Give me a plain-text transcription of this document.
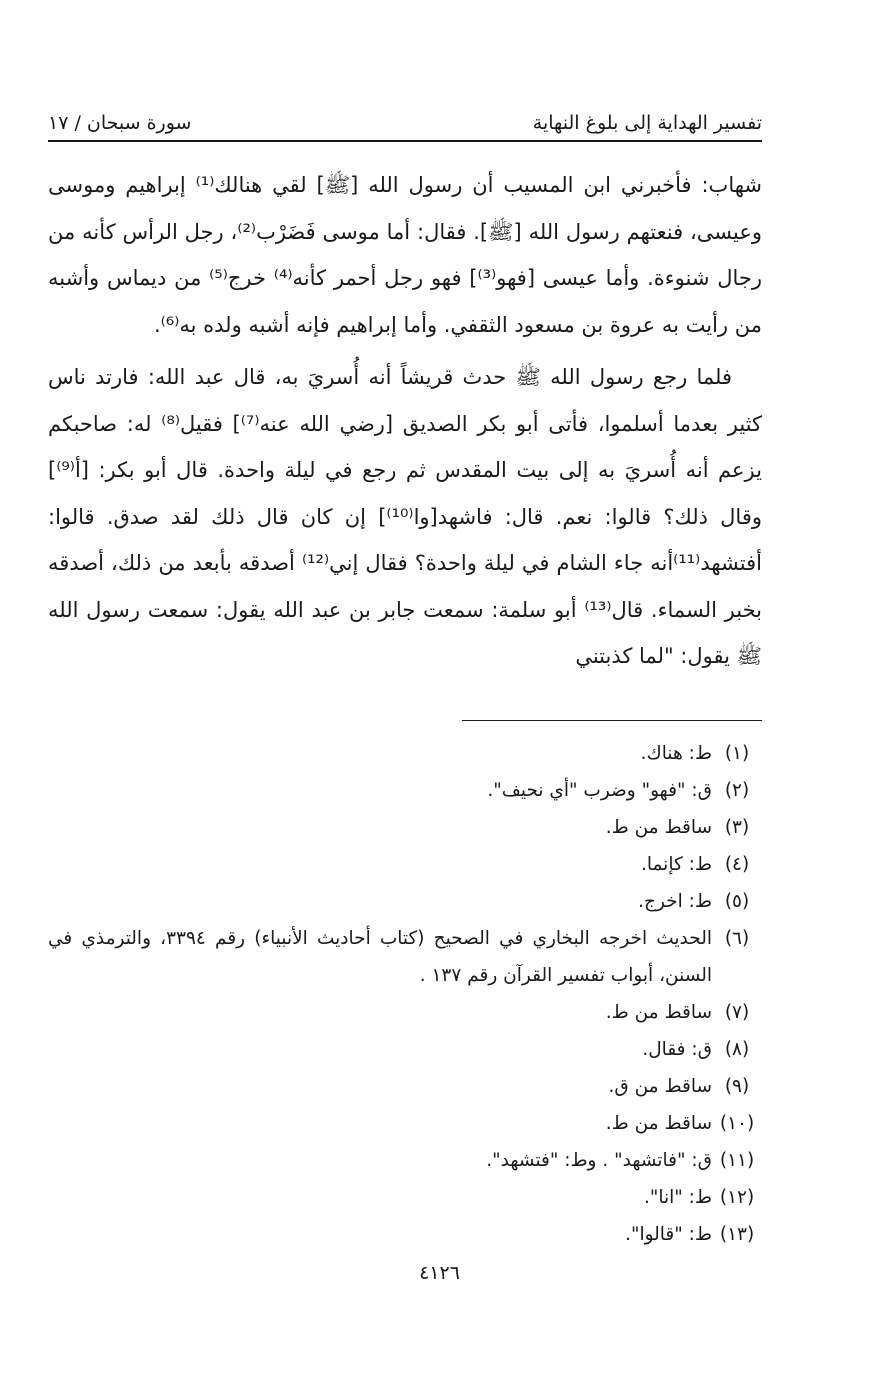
تفسير الهداية إلى بلوغ النهاية
سورة سبحان / ١٧

شهاب: فأخبرني ابن المسيب أن رسول الله [ﷺ] لقي هنالك⁽¹⁾ إبراهيم وموسى وعيسى، فنعتهم رسول الله [ﷺ]. فقال: أما موسى فَضَرْب⁽²⁾، رجل الرأس كأنه من رجال شنوءة. وأما عيسى [فهو⁽³⁾] فهو رجل أحمر كأنه⁽⁴⁾ خرج⁽⁵⁾ من ديماس وأشبه من رأيت به عروة بن مسعود الثقفي. وأما إبراهيم فإنه أشبه ولده به⁽⁶⁾.

فلما رجع رسول الله ﷺ حدث قريشاً أنه أُسريَ به، قال عبد الله: فارتد ناس كثير بعدما أسلموا، فأتى أبو بكر الصديق [رضي الله عنه⁽⁷⁾] فقيل⁽⁸⁾ له: صاحبكم يزعم أنه أُسريَ به إلى بيت المقدس ثم رجع في ليلة واحدة. قال أبو بكر: [أ⁽⁹⁾] وقال ذلك؟ قالوا: نعم. قال: فاشهد[وا⁽¹⁰⁾] إن كان قال ذلك لقد صدق. قالوا: أفتشهد⁽¹¹⁾أنه جاء الشام في ليلة واحدة؟ فقال إني⁽¹²⁾ أصدقه بأبعد من ذلك، أصدقه بخبر السماء. قال⁽¹³⁾ أبو سلمة: سمعت جابر بن عبد الله يقول: سمعت رسول الله ﷺ يقول: "لما كذبتني

(١)
ط: هناك.
(٢)
ق: "فهو" وضرب "أي نحيف".
(٣)
ساقط من ط.
(٤)
ط: كإنما.
(٥)
ط: اخرج.
(٦)
الحديث اخرجه البخاري في الصحيح (كتاب أحاديث الأنبياء) رقم ٣٣٩٤، والترمذي في السنن، أبواب تفسير القرآن رقم ١٣٧ .
(٧)
ساقط من ط.
(٨)
ق: فقال.
(٩)
ساقط من ق.
(١٠)
ساقط من ط.
(١١)
ق: "فاتشهد" . وط: "فتشهد".
(١٢)
ط: "انا".
(١٣)
ط: "قالوا".
٤١٢٦
